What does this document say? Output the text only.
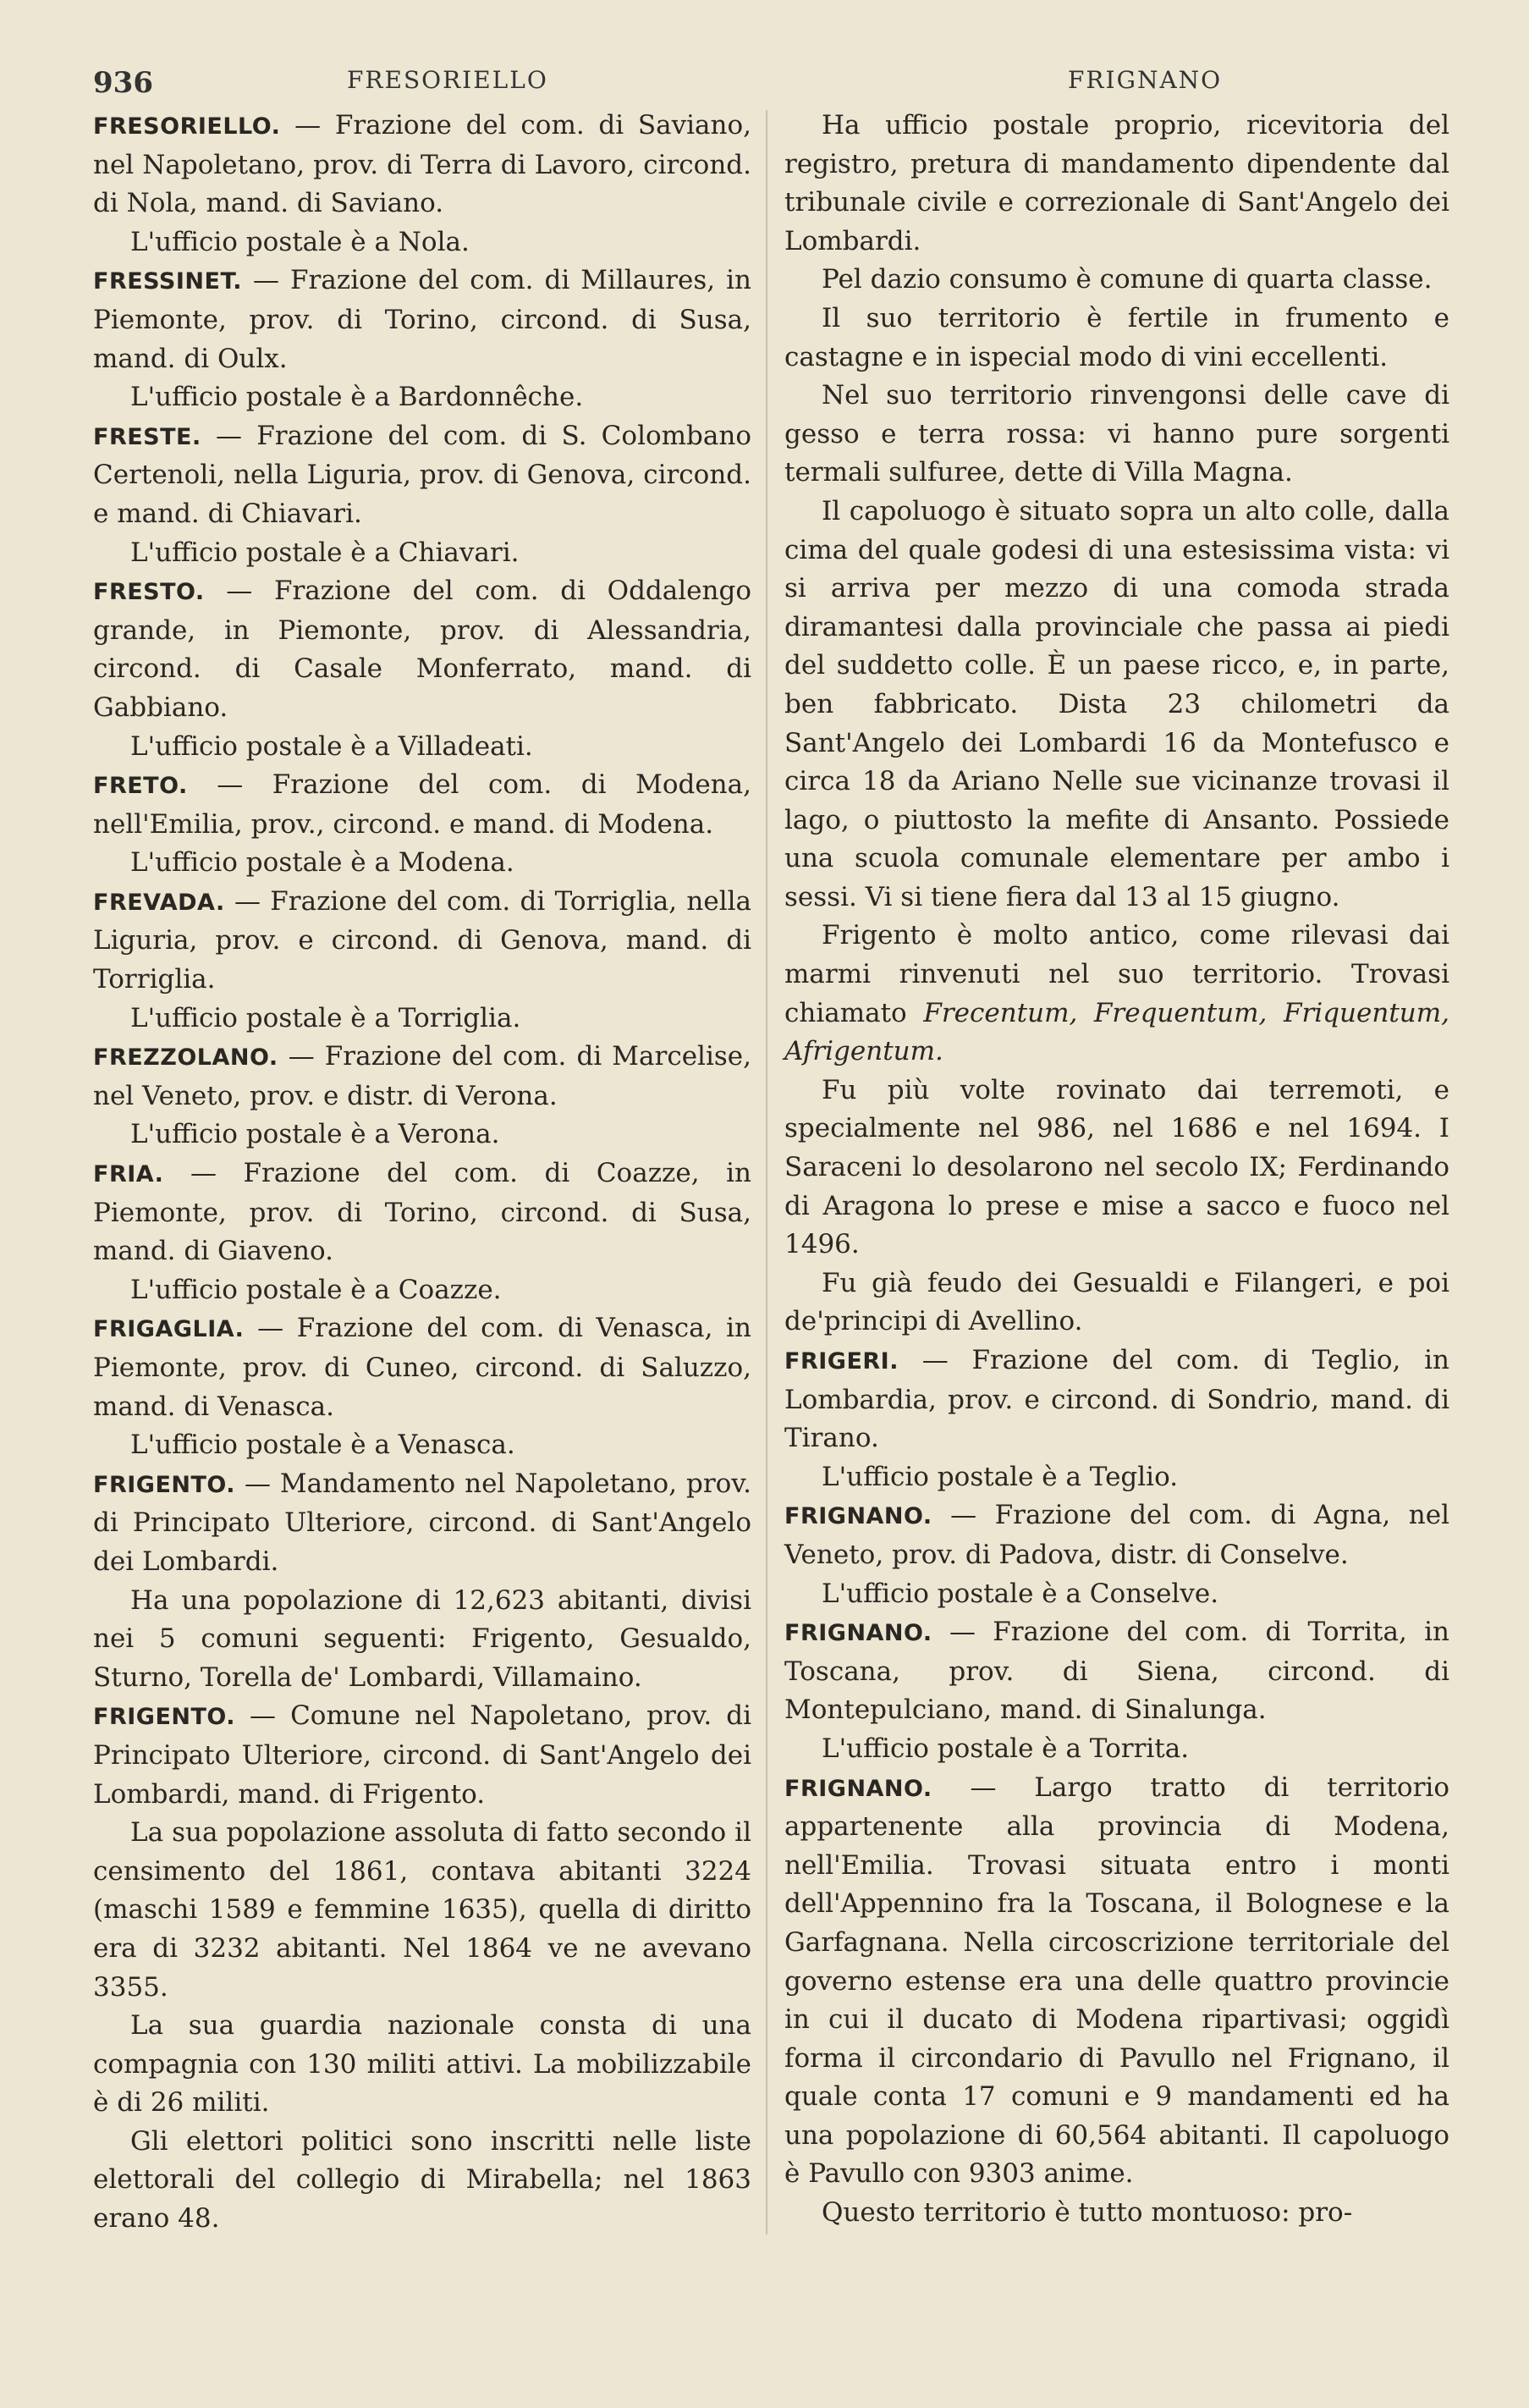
936	FRESORIELLO	FRIGNANO

FRESORIELLO. — Frazione del com. di Saviano, nel Napoletano, prov. di Terra di Lavoro, circond. di Nola, mand. di Saviano.

L'ufficio postale è a Nola.

FRESSINET. — Frazione del com. di Millaures, in Piemonte, prov. di Torino, circond. di Susa, mand. di Oulx.

L'ufficio postale è a Bardonnêche.

FRESTE. — Frazione del com. di S. Colombano Certenoli, nella Liguria, prov. di Genova, circond. e mand. di Chiavari.

L'ufficio postale è a Chiavari.

FRESTO. — Frazione del com. di Oddalengo grande, in Piemonte, prov. di Alessandria, circond. di Casale Monferrato, mand. di Gabbiano.

L'ufficio postale è a Villadeati.

FRETO. — Frazione del com. di Modena, nell'Emilia, prov., circond. e mand. di Modena.

L'ufficio postale è a Modena.

FREVADA. — Frazione del com. di Torriglia, nella Liguria, prov. e circond. di Genova, mand. di Torriglia.

L'ufficio postale è a Torriglia.

FREZZOLANO. — Frazione del com. di Marcelise, nel Veneto, prov. e distr. di Verona.

L'ufficio postale è a Verona.

FRIA. — Frazione del com. di Coazze, in Piemonte, prov. di Torino, circond. di Susa, mand. di Giaveno.

L'ufficio postale è a Coazze.

FRIGAGLIA. — Frazione del com. di Venasca, in Piemonte, prov. di Cuneo, circond. di Saluzzo, mand. di Venasca.

L'ufficio postale è a Venasca.

FRIGENTO. — Mandamento nel Napoletano, prov. di Principato Ulteriore, circond. di Sant'Angelo dei Lombardi.

Ha una popolazione di 12,623 abitanti, divisi nei 5 comuni seguenti: Frigento, Gesualdo, Sturno, Torella de' Lombardi, Villamaino.

FRIGENTO. — Comune nel Napoletano, prov. di Principato Ulteriore, circond. di Sant'Angelo dei Lombardi, mand. di Frigento.

La sua popolazione assoluta di fatto secondo il censimento del 1861, contava abitanti 3224 (maschi 1589 e femmine 1635), quella di diritto era di 3232 abitanti. Nel 1864 ve ne avevano 3355.

La sua guardia nazionale consta di una compagnia con 130 militi attivi. La mobilizzabile è di 26 militi.

Gli elettori politici sono inscritti nelle liste elettorali del collegio di Mirabella; nel 1863 erano 48.

Ha ufficio postale proprio, ricevitoria del registro, pretura di mandamento dipendente dal tribunale civile e correzionale di Sant'Angelo dei Lombardi.

Pel dazio consumo è comune di quarta classe.

Il suo territorio è fertile in frumento e castagne e in ispecial modo di vini eccellenti.

Nel suo territorio rinvengonsi delle cave di gesso e terra rossa: vi hanno pure sorgenti termali sulfuree, dette di Villa Magna.

Il capoluogo è situato sopra un alto colle, dalla cima del quale godesi di una estesissima vista: vi si arriva per mezzo di una comoda strada diramantesi dalla provinciale che passa ai piedi del suddetto colle. È un paese ricco, e, in parte, ben fabbricato. Dista 23 chilometri da Sant'Angelo dei Lombardi 16 da Montefusco e circa 18 da Ariano Nelle sue vicinanze trovasi il lago, o piuttosto la mefite di Ansanto. Possiede una scuola comunale elementare per ambo i sessi. Vi si tiene fiera dal 13 al 15 giugno.

Frigento è molto antico, come rilevasi dai marmi rinvenuti nel suo territorio. Trovasi chiamato Frecentum, Frequentum, Friquentum, Afrigentum.

Fu più volte rovinato dai terremoti, e specialmente nel 986, nel 1686 e nel 1694. I Saraceni lo desolarono nel secolo IX; Ferdinando di Aragona lo prese e mise a sacco e fuoco nel 1496.

Fu già feudo dei Gesualdi e Filangeri, e poi de'principi di Avellino.

FRIGERI. — Frazione del com. di Teglio, in Lombardia, prov. e circond. di Sondrio, mand. di Tirano.

L'ufficio postale è a Teglio.

FRIGNANO. — Frazione del com. di Agna, nel Veneto, prov. di Padova, distr. di Conselve.

L'ufficio postale è a Conselve.

FRIGNANO. — Frazione del com. di Torrita, in Toscana, prov. di Siena, circond. di Montepulciano, mand. di Sinalunga.

L'ufficio postale è a Torrita.

FRIGNANO. — Largo tratto di territorio appartenente alla provincia di Modena, nell'Emilia. Trovasi situata entro i monti dell'Appennino fra la Toscana, il Bolognese e la Garfagnana. Nella circoscrizione territoriale del governo estense era una delle quattro provincie in cui il ducato di Modena ripartivasi; oggidì forma il circondario di Pavullo nel Frignano, il quale conta 17 comuni e 9 mandamenti ed ha una popolazione di 60,564 abitanti. Il capoluogo è Pavullo con 9303 anime.

Questo territorio è tutto montuoso: pro-
